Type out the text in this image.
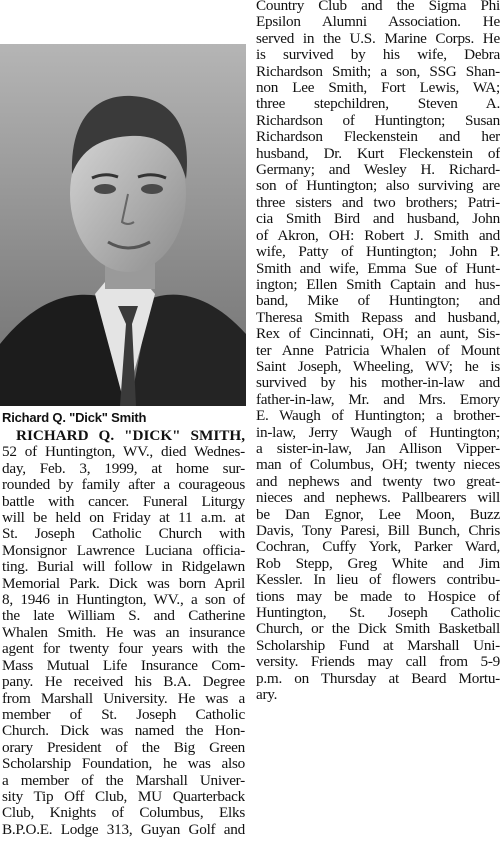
Richard Q. "Dick" Smith
RICHARD Q. "DICK" SMITH,
52 of Huntington, WV., died Wednes-
day, Feb. 3, 1999, at home sur-
rounded by family after a courageous
battle with cancer. Funeral Liturgy
will be held on Friday at 11 a.m. at
St. Joseph Catholic Church with
Monsignor Lawrence Luciana officia-
ting. Burial will follow in Ridgelawn
Memorial Park. Dick was born April
8, 1946 in Huntington, WV., a son of
the late William S. and Catherine
Whalen Smith. He was an insurance
agent for twenty four years with the
Mass Mutual Life Insurance Com-
pany. He received his B.A. Degree
from Marshall University. He was a
member of St. Joseph Catholic
Church. Dick was named the Hon-
orary President of the Big Green
Scholarship Foundation, he was also
a member of the Marshall Univer-
sity Tip Off Club, MU Quarterback
Club, Knights of Columbus, Elks
B.P.O.E. Lodge 313, Guyan Golf and
Country Club and the Sigma Phi
Epsilon Alumni Association. He
served in the U.S. Marine Corps. He
is survived by his wife, Debra
Richardson Smith; a son, SSG Shan-
non Lee Smith, Fort Lewis, WA;
three stepchildren, Steven A.
Richardson of Huntington; Susan
Richardson Fleckenstein and her
husband, Dr. Kurt Fleckenstein of
Germany; and Wesley H. Richard-
son of Huntington; also surviving are
three sisters and two brothers; Patri-
cia Smith Bird and husband, John
of Akron, OH: Robert J. Smith and
wife, Patty of Huntington; John P.
Smith and wife, Emma Sue of Hunt-
ington; Ellen Smith Captain and hus-
band, Mike of Huntington; and
Theresa Smith Repass and husband,
Rex of Cincinnati, OH; an aunt, Sis-
ter Anne Patricia Whalen of Mount
Saint Joseph, Wheeling, WV; he is
survived by his mother-in-law and
father-in-law, Mr. and Mrs. Emory
E. Waugh of Huntington; a brother-
in-law, Jerry Waugh of Huntington;
a sister-in-law, Jan Allison Vipper-
man of Columbus, OH; twenty nieces
and nephews and twenty two great-
nieces and nephews. Pallbearers will
be Dan Egnor, Lee Moon, Buzz
Davis, Tony Paresi, Bill Bunch, Chris
Cochran, Cuffy York, Parker Ward,
Rob Stepp, Greg White and Jim
Kessler. In lieu of flowers contribu-
tions may be made to Hospice of
Huntington, St. Joseph Catholic
Church, or the Dick Smith Basketball
Scholarship Fund at Marshall Uni-
versity. Friends may call from 5-9
p.m. on Thursday at Beard Mortu-
ary.
